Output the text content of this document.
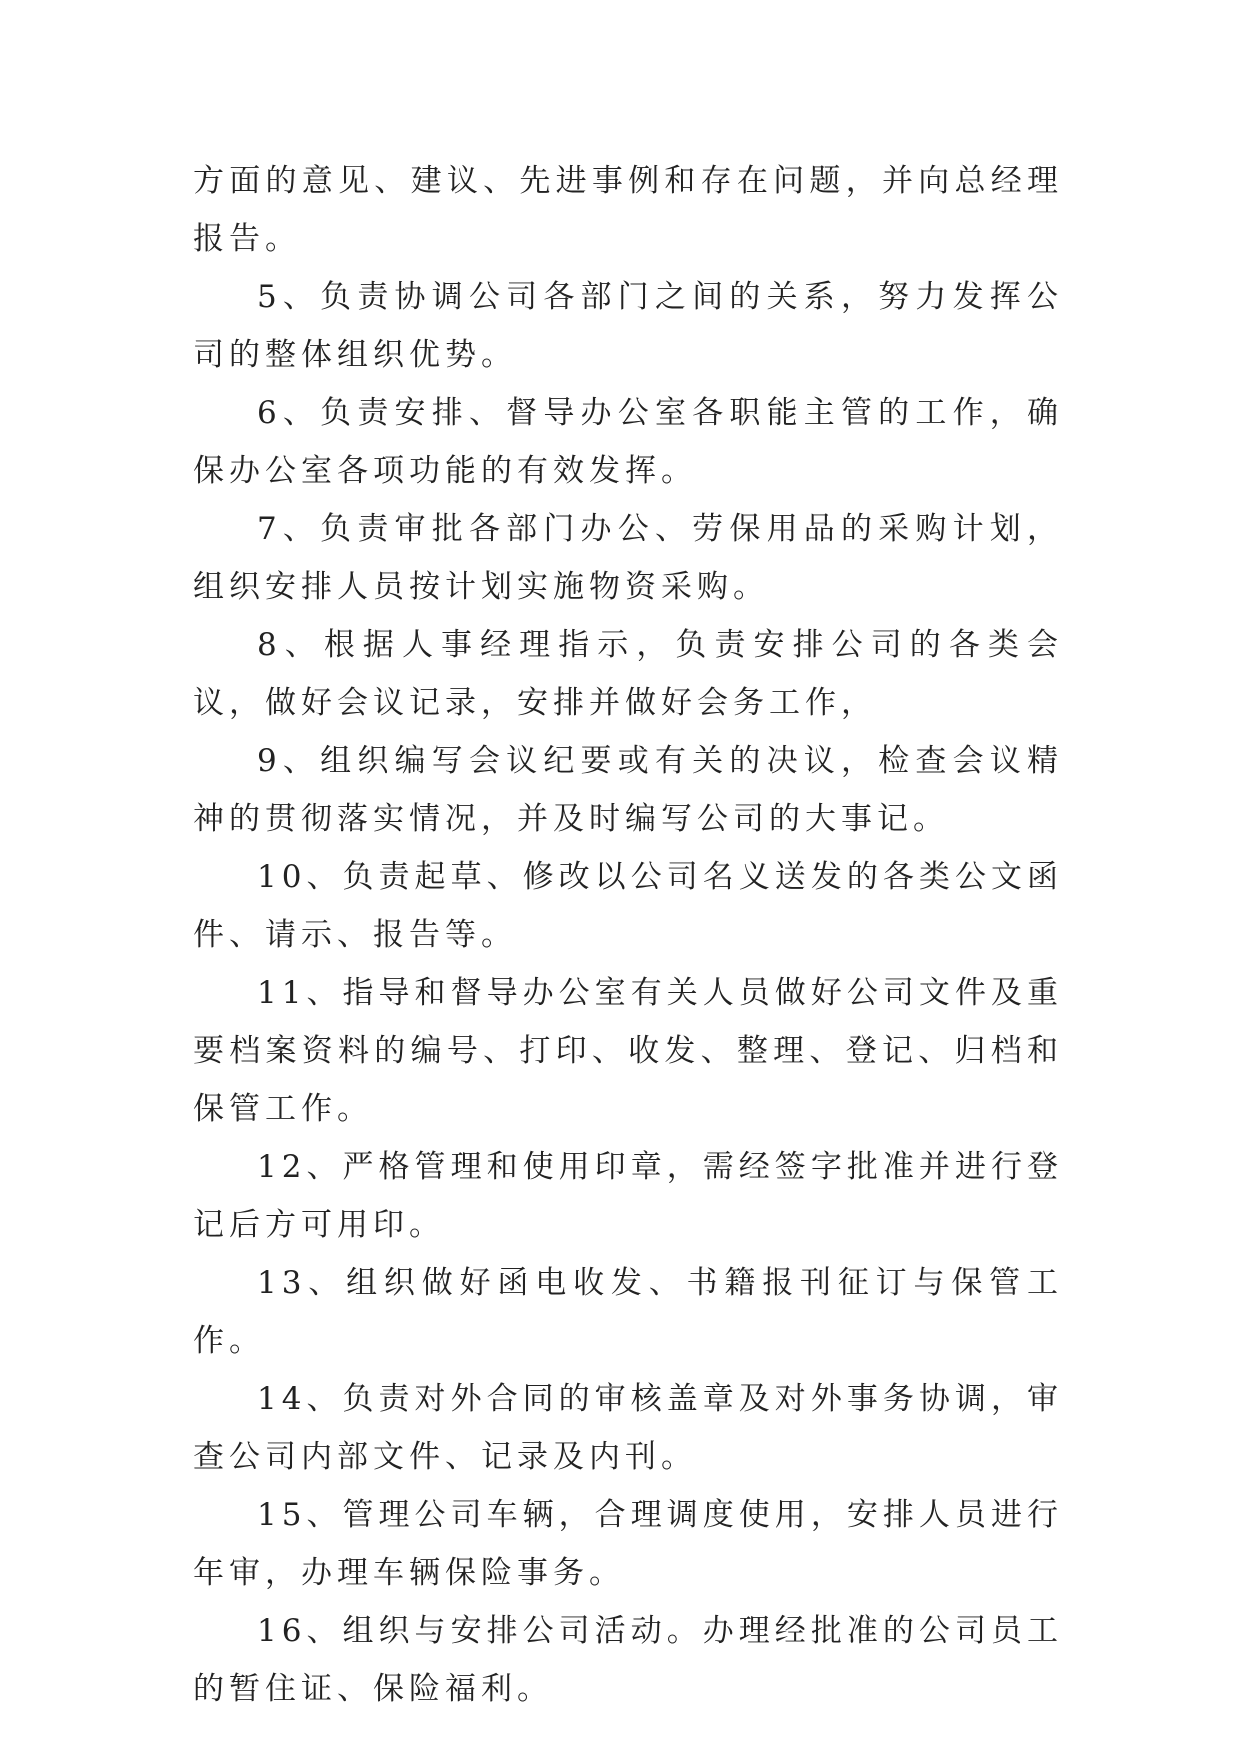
方面的意见、建议、先进事例和存在问题，并向总经理报告。

5、负责协调公司各部门之间的关系，努力发挥公司的整体组织优势。

6、负责安排、督导办公室各职能主管的工作，确保办公室各项功能的有效发挥。

7、负责审批各部门办公、劳保用品的采购计划，组织安排人员按计划实施物资采购。

8、根据人事经理指示，负责安排公司的各类会议，做好会议记录，安排并做好会务工作，

9、组织编写会议纪要或有关的决议，检查会议精神的贯彻落实情况，并及时编写公司的大事记。

10、负责起草、修改以公司名义送发的各类公文函件、请示、报告等。

11、指导和督导办公室有关人员做好公司文件及重要档案资料的编号、打印、收发、整理、登记、归档和保管工作。

12、严格管理和使用印章，需经签字批准并进行登记后方可用印。

13、组织做好函电收发、书籍报刊征订与保管工作。

14、负责对外合同的审核盖章及对外事务协调，审查公司内部文件、记录及内刊。

15、管理公司车辆，合理调度使用，安排人员进行年审，办理车辆保险事务。

16、组织与安排公司活动。办理经批准的公司员工的暂住证、保险福利。
